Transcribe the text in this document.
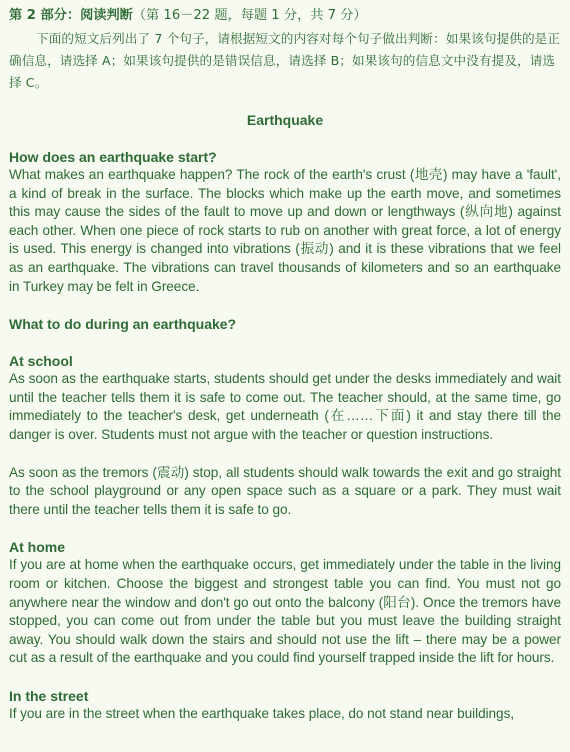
第 2 部分：阅读判断（第 16－22 题，每题 1 分，共 7 分）

下面的短文后列出了 7 个句子，请根据短文的内容对每个句子做出判断：如果该句提供的是正确信息，请选择 A；如果该句提供的是错误信息，请选择 B；如果该句的信息文中没有提及，请选择 C。

Earthquake
How does an earthquake start?

What makes an earthquake happen? The rock of the earth's crust (地壳) may have a 'fault', a kind of break in the surface. The blocks which make up the earth move, and sometimes this may cause the sides of the fault to move up and down or lengthways (纵向地) against each other. When one piece of rock starts to rub on another with great force, a lot of energy is used. This energy is changed into vibrations (振动) and it is these vibrations that we feel as an earthquake. The vibrations can travel thousands of kilometers and so an earthquake in Turkey may be felt in Greece.

What to do during an earthquake?
At school

As soon as the earthquake starts, students should get under the desks immediately and wait until the teacher tells them it is safe to come out. The teacher should, at the same time, go immediately to the teacher's desk, get underneath (在……下面) it and stay there till the danger is over. Students must not argue with the teacher or question instructions.

As soon as the tremors (震动) stop, all students should walk towards the exit and go straight to the school playground or any open space such as a square or a park. They must wait there until the teacher tells them it is safe to go.

At home

If you are at home when the earthquake occurs, get immediately under the table in the living room or kitchen. Choose the biggest and strongest table you can find. You must not go anywhere near the window and don't go out onto the balcony (阳台). Once the tremors have stopped, you can come out from under the table but you must leave the building straight away. You should walk down the stairs and should not use the lift – there may be a power cut as a result of the earthquake and you could find yourself trapped inside the lift for hours.

In the street

If you are in the street when the earthquake takes place, do not stand near buildings,
